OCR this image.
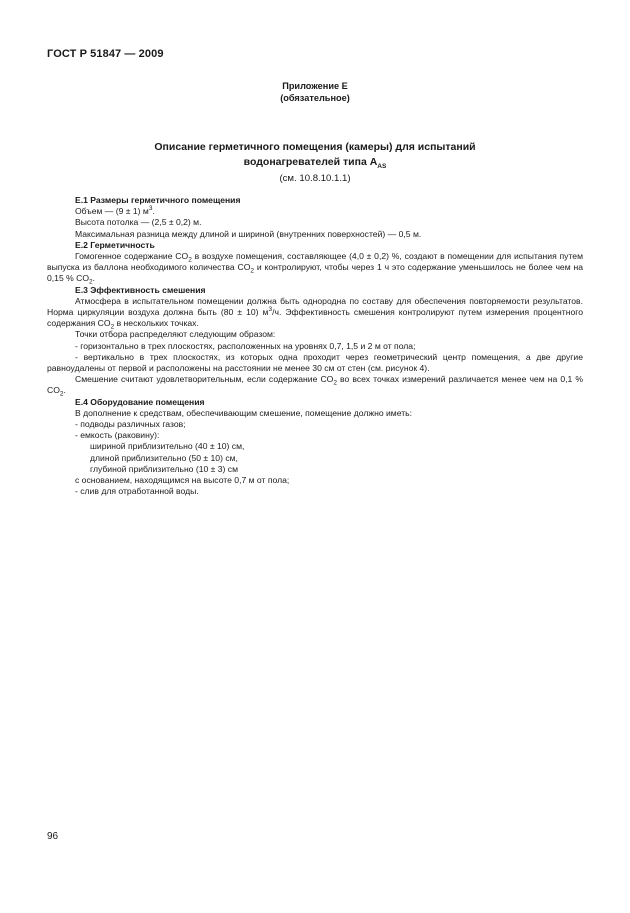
ГОСТ Р 51847 — 2009
Приложение Е
(обязательное)
Описание герметичного помещения (камеры) для испытаний
водонагревателей типа $A_{AS}$
(см. 10.8.10.1.1)

Е.1 Размеры герметичного помещения

Объем — (9 ± 1) $м^3$.

Высота потолка — (2,5 ± 0,2) м.

Максимальная разница между длиной и шириной (внутренних поверхностей) — 0,5 м.

Е.2 Герметичность

Гомогенное содержание $CO_2$ в воздухе помещения, составляющее (4,0 ± 0,2) %, создают в помещении для испытания путем выпуска из баллона необходимого количества $CO_2$ и контролируют, чтобы через 1 ч это содержание уменьшилось не более чем на 0,15 % $CO_2$.

Е.3 Эффективность смешения

Атмосфера в испытательном помещении должна быть однородна по составу для обеспечения повторяемости результатов. Норма циркуляции воздуха должна быть (80 ± 10) $м^3/ч$. Эффективность смешения контролируют путем измерения процентного содержания $CO_2$ в нескольких точках.

Точки отбора распределяют следующим образом:

- горизонтально в трех плоскостях, расположенных на уровнях 0,7, 1,5 и 2 м от пола;

- вертикально в трех плоскостях, из которых одна проходит через геометрический центр помещения, а две другие равноудалены от первой и расположены на расстоянии не менее 30 см от стен (см. рисунок 4).

Смешение считают удовлетворительным, если содержание $CO_2$ во всех точках измерений различается менее чем на 0,1 % $CO_2$.

Е.4 Оборудование помещения

В дополнение к средствам, обеспечивающим смешение, помещение должно иметь:

- подводы различных газов;

- емкость (раковину):

шириной приблизительно (40 ± 10) см,

длиной приблизительно (50 ± 10) см,

глубиной приблизительно (10 ± 3) см

с основанием, находящимся на высоте 0,7 м от пола;

- слив для отработанной воды.

96
